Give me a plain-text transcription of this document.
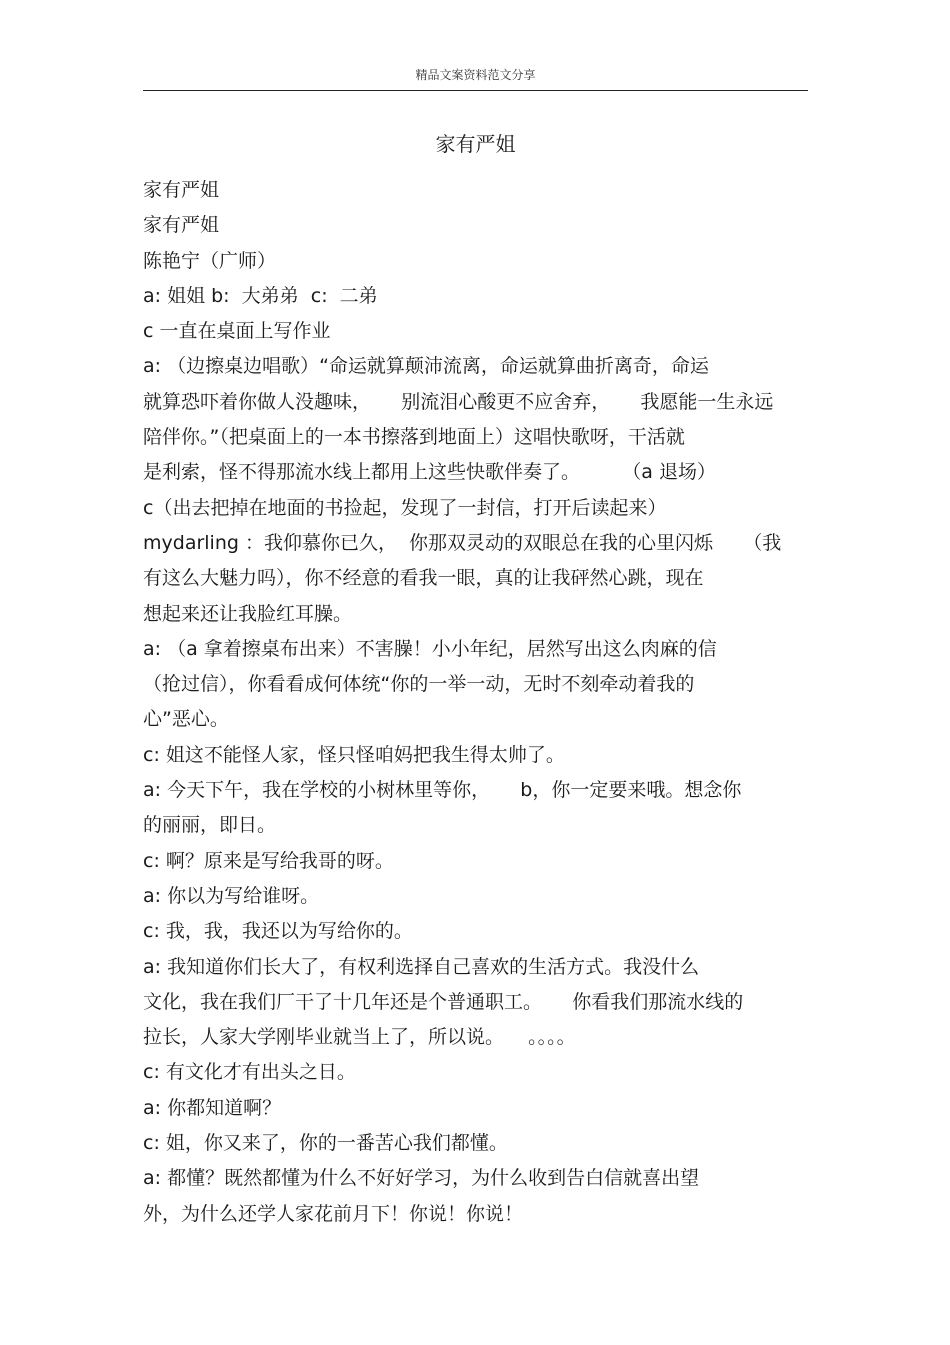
精品文案资料范文分享
家有严姐
家有严姐
家有严姐
陈艳宁（广师）
a: 姐姐 b:  大弟弟  c:  二弟
c 一直在桌面上写作业
a: （边擦桌边唱歌）“命运就算颠沛流离，命运就算曲折离奇，命运
就算恐吓着你做人没趣味，     别流泪心酸更不应舍弃，     我愿能一生永远
陪伴你。”（把桌面上的一本书擦落到地面上）这唱快歌呀，干活就
是利索，怪不得那流水线上都用上这些快歌伴奏了。       （a 退场）
c（出去把掉在地面的书捡起，发现了一封信，打开后读起来）
mydarling ：我仰慕你已久，  你那双灵动的双眼总在我的心里闪烁     （我
有这么大魅力吗），你不经意的看我一眼，真的让我砰然心跳，现在
想起来还让我脸红耳臊。
a: （a 拿着擦桌布出来）不害臊！小小年纪，居然写出这么肉麻的信
（抢过信），你看看成何体统“你的一举一动，无时不刻牵动着我的
心”恶心。
c: 姐这不能怪人家，怪只怪咱妈把我生得太帅了。
a: 今天下午，我在学校的小树林里等你，     b，你一定要来哦。想念你
的丽丽，即日。
c: 啊？原来是写给我哥的呀。
a: 你以为写给谁呀。
c: 我，我，我还以为写给你的。
a: 我知道你们长大了，有权利选择自己喜欢的生活方式。我没什么
文化，我在我们厂干了十几年还是个普通职工。     你看我们那流水线的
拉长，人家大学刚毕业就当上了，所以说。    。。。。
c: 有文化才有出头之日。
a: 你都知道啊？
c: 姐，你又来了，你的一番苦心我们都懂。
a: 都懂？既然都懂为什么不好好学习，为什么收到告白信就喜出望
外，为什么还学人家花前月下！你说！你说！
